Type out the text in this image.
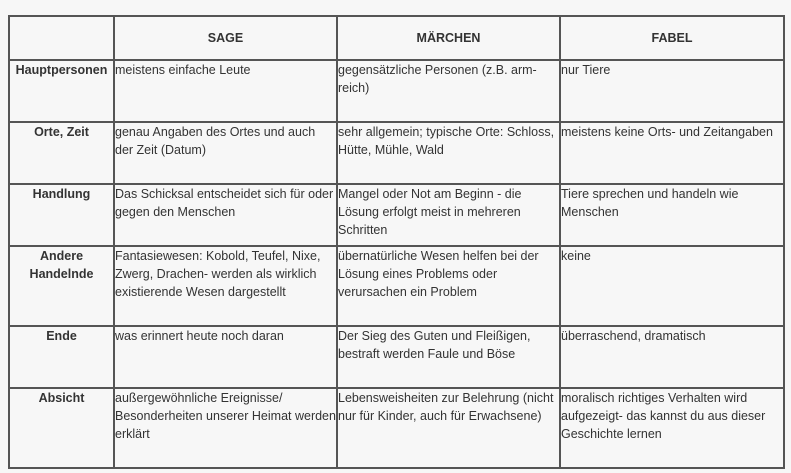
	SAGE	MÄRCHEN	FABEL
Hauptpersonen	meistens einfache Leute	gegensätzliche Personen (z.B. arm-reich)	nur Tiere
Orte, Zeit	genau Angaben des Ortes und auch der Zeit (Datum)	sehr allgemein; typische Orte: Schloss, Hütte, Mühle, Wald	meistens keine Orts- und Zeitangaben
Handlung	Das Schicksal entscheidet sich für oder gegen den Menschen	Mangel oder Not am Beginn - die Lösung erfolgt meist in mehreren Schritten	Tiere sprechen und handeln wie Menschen
Andere Handelnde	Fantasiewesen: Kobold, Teufel, Nixe, Zwerg, Drachen- werden als wirklich existierende Wesen dargestellt	übernatürliche Wesen helfen bei der Lösung eines Problems oder verursachen ein Problem	keine
Ende	was erinnert heute noch daran	Der Sieg des Guten und Fleißigen, bestraft werden Faule und Böse	überraschend, dramatisch
Absicht	außergewöhnliche Ereignisse/ Besonderheiten unserer Heimat werden erklärt	Lebensweisheiten zur Belehrung (nicht nur für Kinder, auch für Erwachsene)	moralisch richtiges Verhalten wird aufgezeigt- das kannst du aus dieser Geschichte lernen
